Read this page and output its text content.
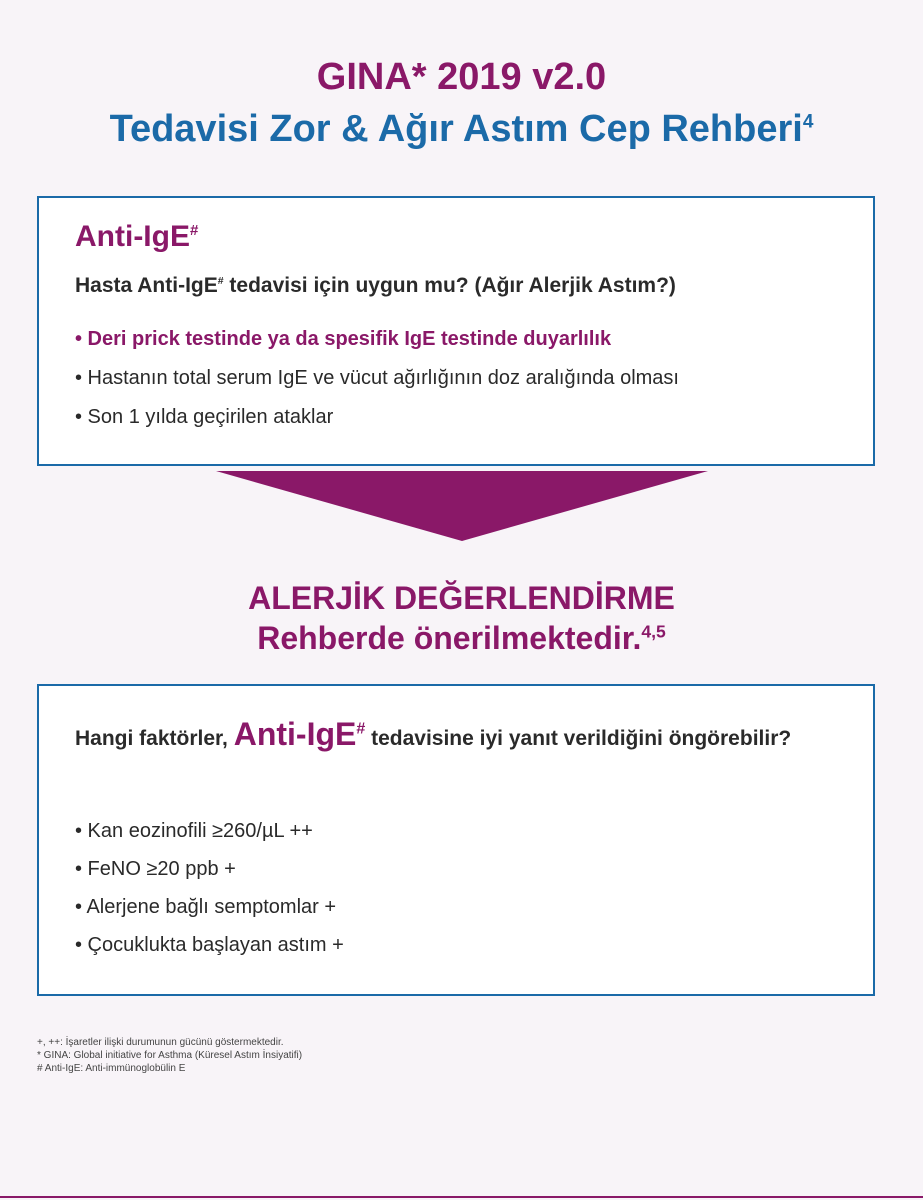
GINA* 2019 v2.0
Tedavisi Zor & Ağır Astım Cep Rehberi$^4$
Anti-IgE#
Hasta Anti-IgE# tedavisi için uygun mu? (Ağır Alerjik Astım?)
• Deri prick testinde ya da spesifik IgE testinde duyarlılık
• Hastanın total serum IgE ve vücut ağırlığının doz aralığında olması
• Son 1 yılda geçirilen ataklar
ALERJİK DEĞERLENDİRME
Rehberde önerilmektedir.$^{4,5}$
Hangi faktörler, Anti-IgE# tedavisine iyi yanıt verildiğini öngörebilir?
• Kan eozinofili ≥260/µL ++
• FeNO ≥20 ppb +
• Alerjene bağlı semptomlar +
• Çocuklukta başlayan astım +
+, ++: İşaretler ilişki durumunun gücünü göstermektedir.
* GINA: Global initiative for Asthma (Küresel Astım İnsiyatifi)
# Anti-IgE: Anti-immünoglobülin E
